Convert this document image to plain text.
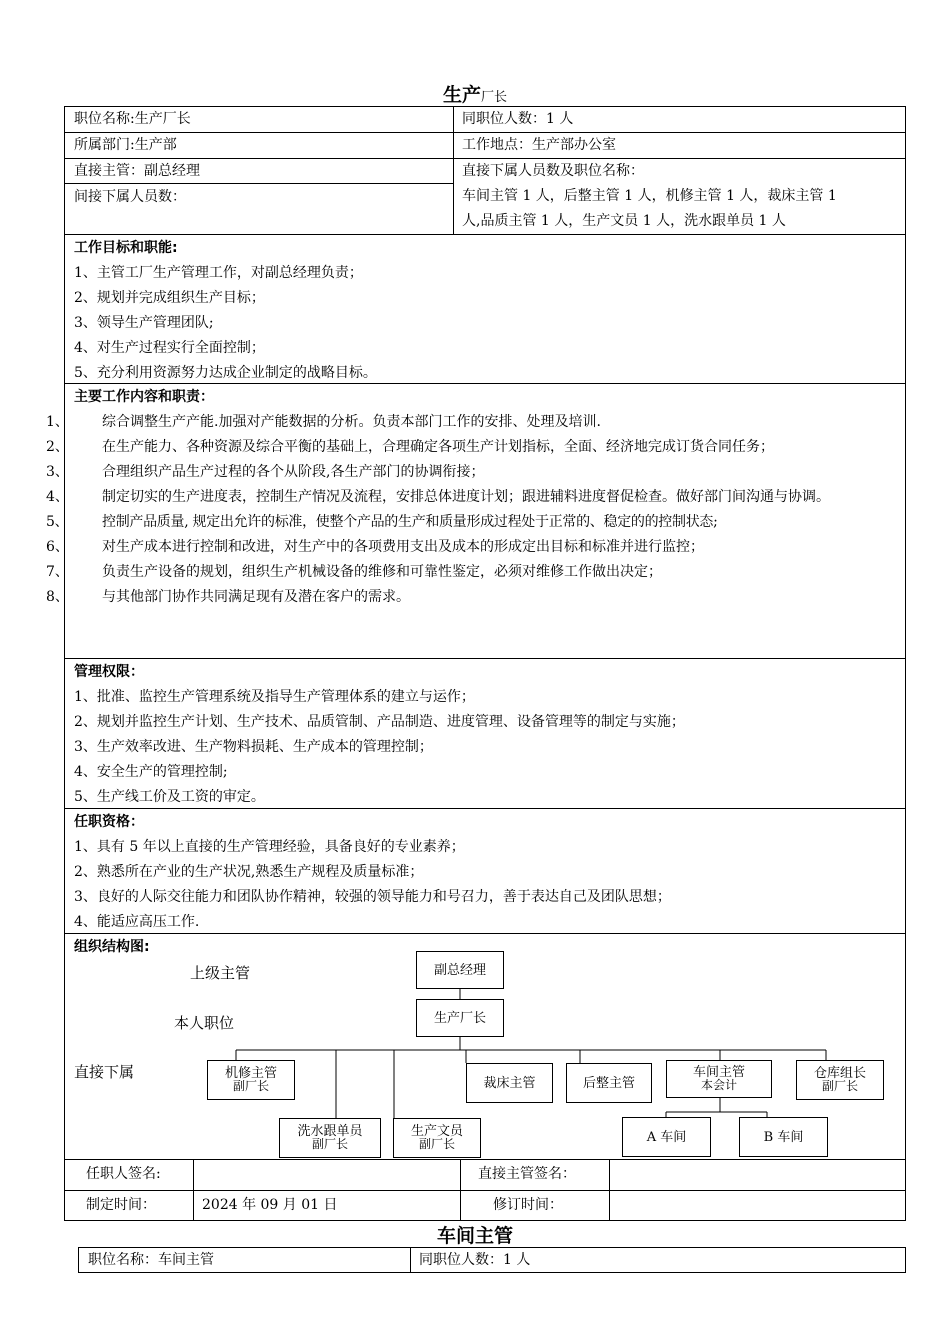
生产厂长
职位名称:生产厂长	同职位人数：1 人
所属部门:生产部	工作地点：生产部办公室
直接主管：副总经理	直接下属人员数及职位名称：
间接下属人员数：	车间主管 1 人，后整主管 1 人，机修主管 1 人，裁床主管 1
人,品质主管 1 人，生产文员 1 人，洗水跟单员 1 人
工作目标和职能:
1、主管工厂生产管理工作，对副总经理负责；
2、规划并完成组织生产目标；
3、领导生产管理团队;
4、对生产过程实行全面控制；
5、充分利用资源努力达成企业制定的战略目标。
主要工作内容和职责：
1、 综合调整生产产能.加强对产能数据的分析。负责本部门工作的安排、处理及培训.
2、 在生产能力、各种资源及综合平衡的基础上，合理确定各项生产计划指标，全面、经济地完成订货合同任务；
3、 合理组织产品生产过程的各个从阶段,各生产部门的协调衔接；
4、 制定切实的生产进度表，控制生产情况及流程，安排总体进度计划；跟进辅料进度督促检查。做好部门间沟通与协调。
5、 控制产品质量, 规定出允许的标准，使整个产品的生产和质量形成过程处于正常的、稳定的的控制状态;
6、 对生产成本进行控制和改进，对生产中的各项费用支出及成本的形成定出目标和标准并进行监控；
7、 负责生产设备的规划，组织生产机械设备的维修和可靠性鉴定，必须对维修工作做出决定；
8、 与其他部门协作共同满足现有及潜在客户的需求。
管理权限：
1、批准、监控生产管理系统及指导生产管理体系的建立与运作；
2、规划并监控生产计划、生产技术、品质管制、产品制造、进度管理、设备管理等的制定与实施；
3、生产效率改进、生产物料损耗、生产成本的管理控制；
4、安全生产的管理控制;
5、生产线工价及工资的审定。
任职资格：
1、具有 5 年以上直接的生产管理经验，具备良好的专业素养；
2、熟悉所在产业的生产状况,熟悉生产规程及质量标准；
3、良好的人际交往能力和团队协作精神，较强的领导能力和号召力，善于表达自己及团队思想；
4、能适应高压工作.
组织结构图:
上级主管
本人职位
直接下属
副总经理
生产厂长
机修主管
副厂长	裁床主管	后整主管
车间主管
本会计
仓库组长
副厂长
洗水跟单员
副厂长
生产文员
副厂长	A 车间	B 车间
任职人签名:	直接主管签名：
制定时间：	2024 年 09 月 01 日	修订时间：
车间主管
职位名称：车间主管	同职位人数：1 人
